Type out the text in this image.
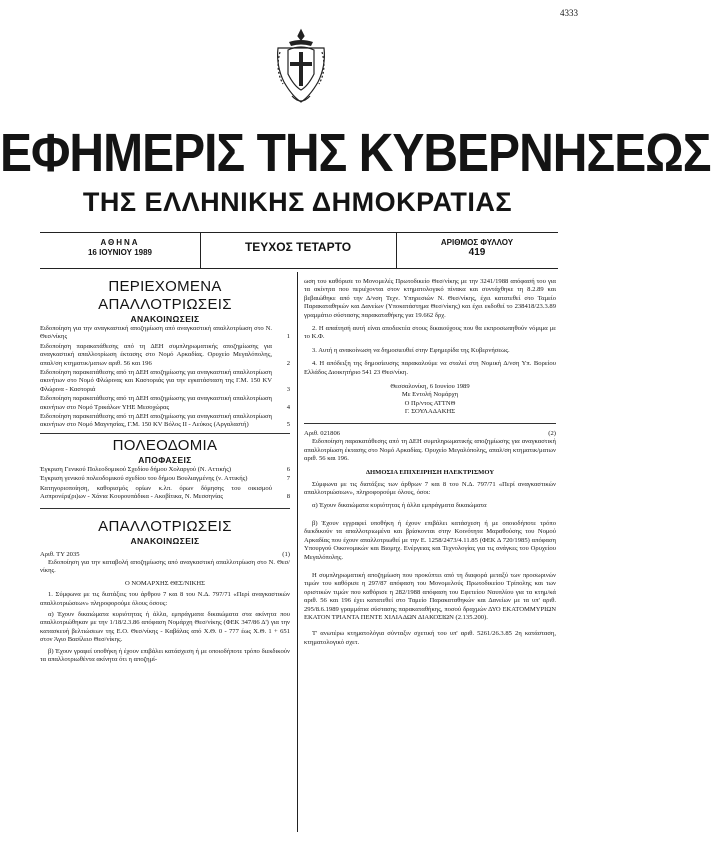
4333
ΕΦΗΜΕΡΙΣ ΤΗΣ ΚΥΒΕΡΝΗΣΕΩΣ
ΤΗΣ ΕΛΛΗΝΙΚΗΣ ΔΗΜΟΚΡΑΤΙΑΣ
ΑΘΗΝΑ
16 ΙΟΥΝΙΟΥ 1989	ΤΕΥΧΟΣ ΤΕΤΑΡΤΟ	ΑΡΙΘΜΟΣ ΦΥΛΛΟΥ
419
ΠΕΡΙΕΧΟΜΕΝΑ
ΑΠΑΛΛΟΤΡΙΩΣΕΙΣ
ΑΝΑΚΟΙΝΩΣΕΙΣ
Ειδοποίηση για την αναγκαστική αποζημίωση από αναγκαστική απαλλοτρίωση στο Ν. Θεσ/νίκης	1
Ειδοποίηση παρακατάθεσης από τη ΔΕΗ συμπληρωματικής αποζημίωσης για αναγκαστική απαλλοτρίωση έκτασης στο Νομό Αρκαδίας. Ορυχείο Μεγαλόπολης, απαλ/ση κτηματικ/ματων αριθ. 56 και 196	2
Ειδοποίηση παρακατάθεσης από τη ΔΕΗ αποζημίωσης για αναγκαστική απαλλοτρίωση ακινήτων στο Νομό Φλώρινας και Καστοριάς για την εγκατάσταση της Γ.Μ. 150 KV Φλώρινα - Καστοριά	3
Ειδοποίηση παρακατάθεσης από τη ΔΕΗ αποζημίωσης για αναγκαστική απαλλοτρίωση ακινήτων στο Νομό Τρικάλων ΥΗΕ Μεσοχώρας	4
Ειδοποίηση παρακατάθεσης από τη ΔΕΗ αποζημίωσης για αναγκαστική απαλλοτρίωση ακινήτων στο Νομό Μαγνησίας, Γ.Μ. 150 KV Βόλος ΙΙ - Λεύκος (Αργαλαστή)	5
ΠΟΛΕΟΔΟΜΙΑ
ΑΠΟΦΑΣΕΙΣ
Έγκριση Γενικού Πολεοδομικού Σχεδίου δήμου Χολαργού (Ν. Αττικής)	6
Έγκριση γενικού πολεοδομικού σχεδίου του δήμου Βουλιαγμένης (ν. Αττικής)	7
Κατηγοριοποίηση, καθορισμός ορίων κ.λπ. όρων δόμησης του οικισμού Ασπρονέρι(ρι)ων - Χάνια Κουρουπάδικα - Ακοβίτικα, Ν. Μεσσηνίας	8
ΑΠΑΛΛΟΤΡΙΩΣΕΙΣ
ΑΝΑΚΟΙΝΩΣΕΙΣ
Αριθ. ΤΥ 2035	(1)

Ειδοποίηση για την καταβολή αποζημίωσης από αναγκαστική απαλλοτρίωση στο Ν. Θεσ/νίκης.

Ο ΝΟΜΑΡΧΗΣ ΘΕΣ/ΝΙΚΗΣ

1. Σύμφωνα με τις διατάξεις του άρθρου 7 και 8 του Ν.Δ. 797/71 «Περί αναγκαστικών απαλλοτριώσεων» πληροφορούμε όλους όσους:

α) Έχουν δικαιώματα κυριότητας ή άλλα, εμπράγματα δικαιώματα στα ακίνητα που απαλλοτριώθηκαν με την 1/18/2.3.86 απόφαση Νομάρχη Θεσ/νίκης (ΦΕΚ 347/86 Δ') για την κατασκευή βελτιώσεων της Ε.Ο. Θεσ/νίκης - Καβάλας από Χ.Θ. 0 - 777 έως Χ.Θ. 1 + 651 στον Άγιο Βασίλειο Θεσ/νίκης.

β) Έχουν γραφεί υποθήκη ή έχουν επιβάλει κατάσχεση ή με οποιοδήποτε τρόπο διεκδικούν τα απαλλοτριωθέντα ακίνητα ότι η αποζημί-

ωση του καθόρισε το Μονομελές Πρωτοδικείο Θεσ/νίκης με την 3241/1988 απόφασή του για τα ακίνητα που περιέχονται στον κτηματολογικό πίνακα και συντάχθηκε τη 8.2.89 και βεβαιώθηκε από την Δ/νση Τεχν. Υπηρεσιών Ν. Θεσ/νίκης, έχει κατατεθεί στο Ταμείο Παρακαταθηκών και Δανείων (Υποκατάστημα Θεσ/νίκης) και έχει εκδοθεί το 238418/23.3.89 γραμμάτιο σύστασης παρακαταθήκης για 19.662 δρχ.

2. Η απαίτησή αυτή είναι αποδεκτέα στους δικαιούχους που θα εκπροσωπηθούν νόμιμα με το Κ.Φ.

3. Αυτή η ανακοίνωση να δημοσιευθεί στην Εφημερίδα της Κυβερνήσεως.

4. Η απόδειξη της δημοσίευσης παρακαλούμε να σταλεί στη Νομική Δ/νση Υπ. Βορείου Ελλάδος Διοικητήριο 541 23 Θεσ/νίκη.

Θεσσαλονίκη, 6 Ιουνίου 1989
Με Εντολή Νομάρχη
Ο Πρ/ντος ΑΤΤΝΘ
Γ. ΣΟΥΛΑΔΑΚΗΣ
Αριθ. 021806	(2)

Ειδοποίηση παρακατάθεσης από τη ΔΕΗ συμπληρωματικής αποζημίωσης για αναγκαστική απαλλοτρίωση έκτασης στο Νομό Αρκαδίας. Ορυχείο Μεγαλόπολης, απαλ/ση κτηματικ/ματων αριθ. 56 και 196.

ΔΗΜΟΣΙΑ ΕΠΙΧΕΙΡΗΣΗ ΗΛΕΚΤΡΙΣΜΟΥ

Σύμφωνα με τις διατάξεις των άρθρων 7 και 8 του Ν.Δ. 797/71 «Περί αναγκαστικών απαλλοτριώσεων», πληροφορούμε όλους, όσοι:

α) Έχουν δικαιώματα κυριότητας ή άλλα εμπράγματα δικαιώματα

β) Έχουν εγγραφεί υποθήκη ή έχουν επιβάλει κατάσχεση ή με οποιοδήποτε τρόπο διεκδικούν τα απαλλοτριωμένα και βρίσκονται στην Κοινότητα Μαραθούσης του Νομού Αρκαδίας που έχουν απαλλοτριωθεί με την Ε. 1258/2473/4.11.85 (ΦΕΚ Δ 720/1985) απόφαση Υπουργού Οικονομικών και Βιομηχ. Ενέργειας και Τεχνολογίας για τις ανάγκες του Ορυχείου Μεγαλόπολης.

Η συμπληρωματική αποζημίωση που προκύπτει από τη διαφορά μεταξύ των προσωρινών τιμών του καθόρισε η 297/87 απόφαση του Μονομελούς Πρωτοδικείου Τρίπολης και των οριστικών τιμών που καθόρισε η 282/1988 απόφαση του Εφετείου Ναυπλίου για τα κτημ/κά αριθ. 56 και 196 έχει κατατεθεί στο Ταμείο Παρακαταθηκών και Δανείων με τα υπ' αριθ. 295/8.6.1989 γραμμάτια σύστασης παρακαταθήκης, ποσού δραχμών ΔΥΟ ΕΚΑΤΟΜΜΥΡΙΩΝ ΕΚΑΤΟΝ ΤΡΙΑΝΤΑ ΠΕΝΤΕ ΧΙΛΙΑΔΩΝ ΔΙΑΚΟΣΙΩΝ (2.135.200).

Τ' ανωτέρω κτηματολόγια σύνταξιν σχετική του υπ' αριθ. 5261/26.3.85 2η κατάσταση, κτηματολογικό σχετ.
